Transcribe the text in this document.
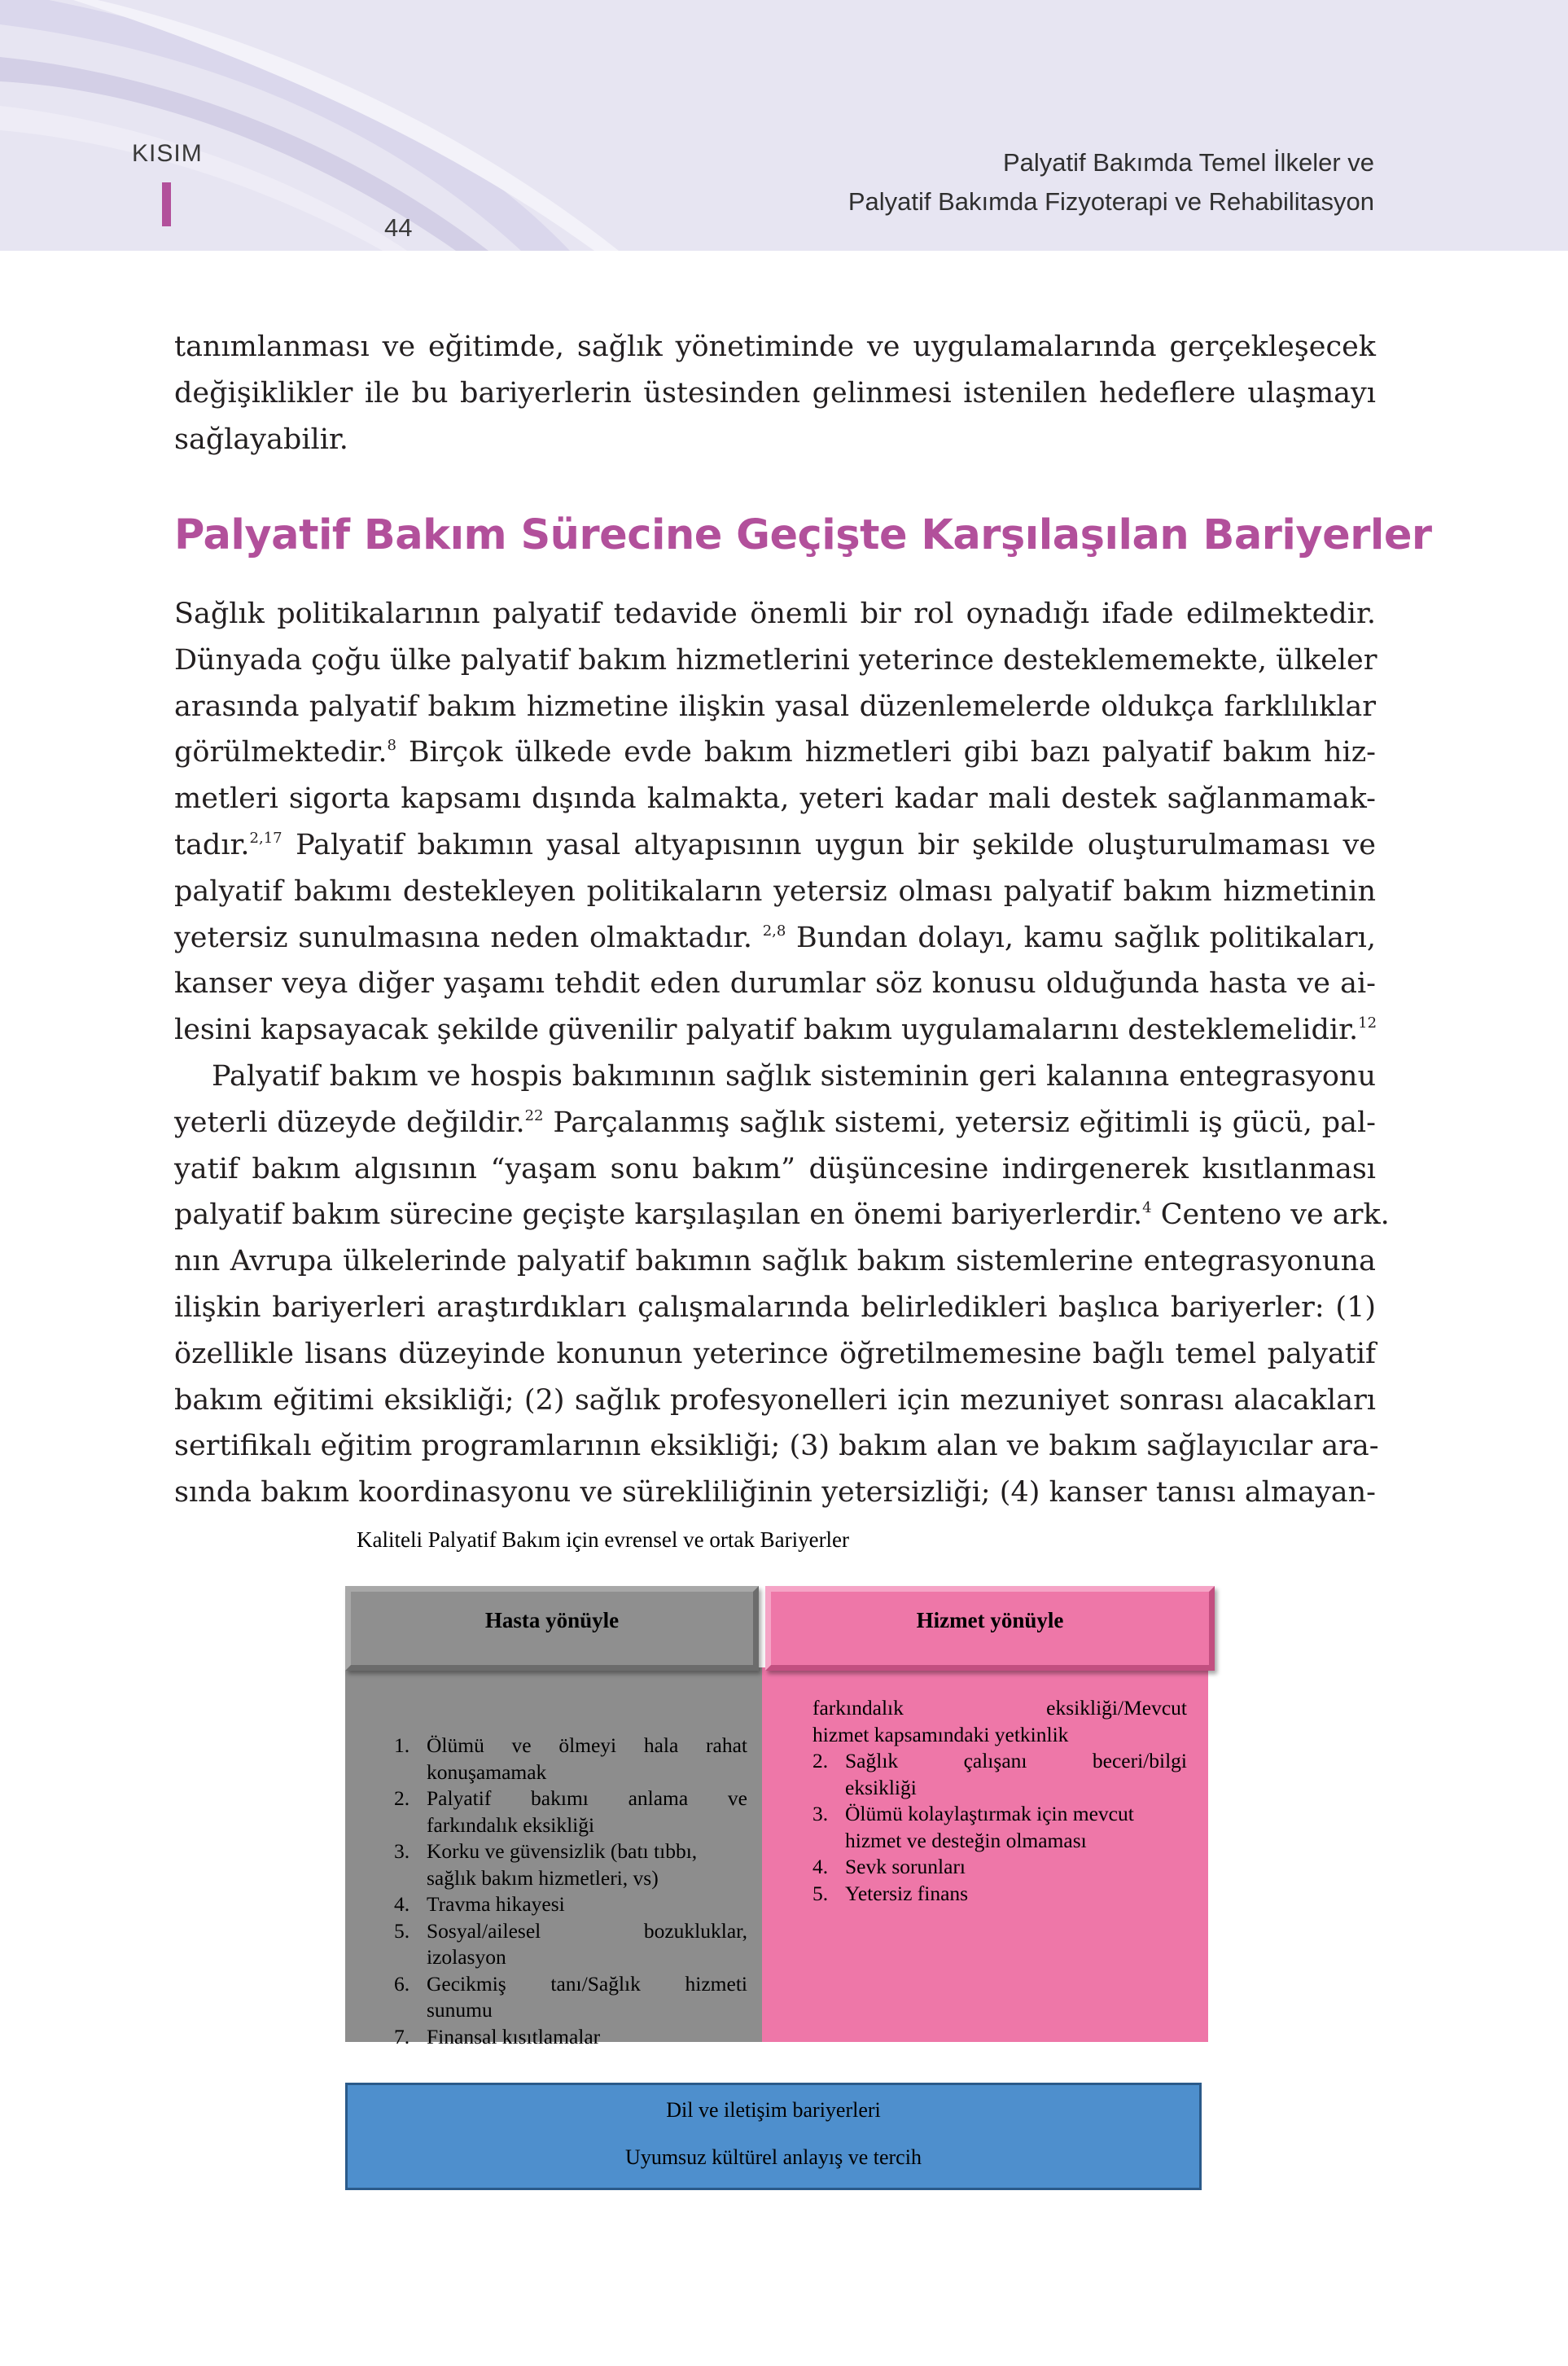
KISIM
44
Palyatif Bakımda Temel İlkeler ve
Palyatif Bakımda Fizyoterapi ve Rehabilitasyon

tanımlanması ve eğitimde, sağlık yönetiminde ve uygulamalarında gerçekleşecek
değişiklikler ile bu bariyerlerin üstesinden gelinmesi istenilen hedeflere ulaşmayı
sağlayabilir.

Palyatif Bakım Sürecine Geçişte Karşılaşılan Bariyerler

Sağlık politikalarının palyatif tedavide önemli bir rol oynadığı ifade edilmektedir.
Dünyada çoğu ülke palyatif bakım hizmetlerini yeterince desteklememekte, ülkeler
arasında palyatif bakım hizmetine ilişkin yasal düzenlemelerde oldukça farklılıklar
görülmektedir.$^8$ Birçok ülkede evde bakım hizmetleri gibi bazı palyatif bakım hiz-
metleri sigorta kapsamı dışında kalmakta, yeteri kadar mali destek sağlanmamak-
tadır.$^{2,17}$ Palyatif bakımın yasal altyapısının uygun bir şekilde oluşturulmaması ve
palyatif bakımı destekleyen politikaların yetersiz olması palyatif bakım hizmetinin
yetersiz sunulmasına neden olmaktadır. $^{2,8}$ Bundan dolayı, kamu sağlık politikaları,
kanser veya diğer yaşamı tehdit eden durumlar söz konusu olduğunda hasta ve ai-
lesini kapsayacak şekilde güvenilir palyatif bakım uygulamalarını desteklemelidir.$^{12}$

Palyatif bakım ve hospis bakımının sağlık sisteminin geri kalanına entegrasyonu
yeterli düzeyde değildir.$^{22}$ Parçalanmış sağlık sistemi, yetersiz eğitimli iş gücü, pal-
yatif bakım algısının “yaşam sonu bakım” düşüncesine indirgenerek kısıtlanması
palyatif bakım sürecine geçişte karşılaşılan en önemi bariyerlerdir.$^4$ Centeno ve ark.
nın Avrupa ülkelerinde palyatif bakımın sağlık bakım sistemlerine entegrasyonuna
ilişkin bariyerleri araştırdıkları çalışmalarında belirledikleri başlıca bariyerler: (1)
özellikle lisans düzeyinde konunun yeterince öğretilmemesine bağlı temel palyatif
bakım eğitimi eksikliği; (2) sağlık profesyonelleri için mezuniyet sonrası alacakları
sertifikalı eğitim programlarının eksikliği; (3) bakım alan ve bakım sağlayıcılar ara-
sında bakım koordinasyonu ve sürekliliğinin yetersizliği; (4) kanser tanısı almayan-

Kaliteli Palyatif Bakım için evrensel ve ortak Bariyerler
Hasta yönüyle	Hizmet yönüyle
1. Ölümü ve ölmeyi hala rahat
konuşamamak
2. Palyatif bakımı anlama ve
farkındalık eksikliği
3. Korku ve güvensizlik (batı tıbbı,
sağlık bakım hizmetleri, vs)
4. Travma hikayesi
5. Sosyal/ailesel bozukluklar,
izolasyon
6. Gecikmiş tanı/Sağlık hizmeti
sunumu
7. Finansal kısıtlamalar
farkındalık eksikliği/Mevcut
hizmet kapsamındaki yetkinlik
2. Sağlık çalışanı beceri/bilgi
eksikliği
3. Ölümü kolaylaştırmak için mevcut
hizmet ve desteğin olmaması
4. Sevk sorunları
5. Yetersiz finans
Dil ve iletişim bariyerleri
Uyumsuz kültürel anlayış ve tercih
